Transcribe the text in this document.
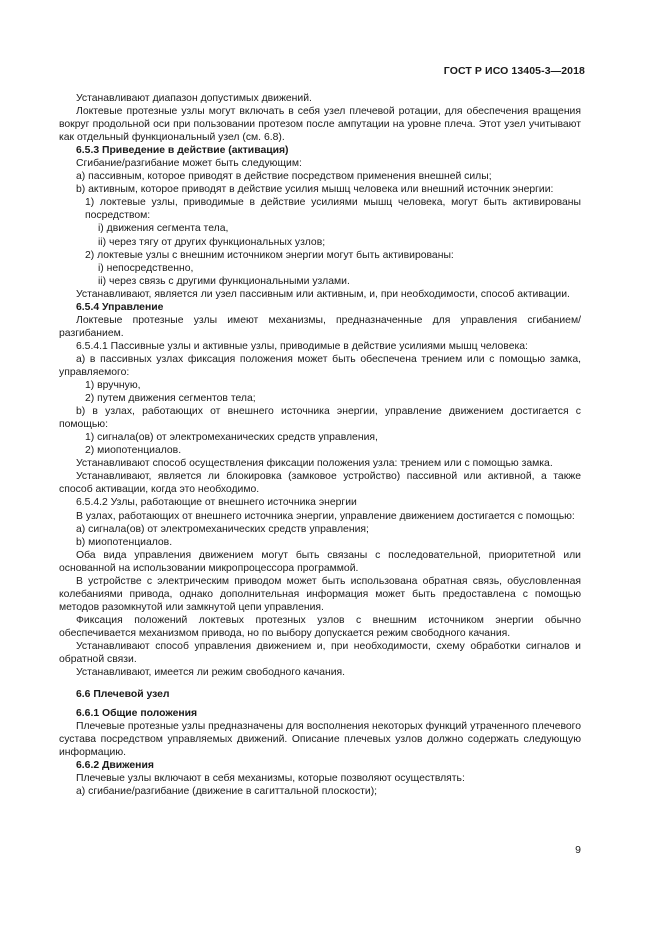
ГОСТ Р ИСО 13405-3—2018

Устанавливают диапазон допустимых движений.

Локтевые протезные узлы могут включать в себя узел плечевой ротации, для обеспечения вращения вокруг продольной оси при пользовании протезом после ампутации на уровне плеча. Этот узел учитывают как отдельный функциональный узел (см. 6.8).

6.5.3 Приведение в действие (активация)

Сгибание/разгибание может быть следующим:

a) пассивным, которое приводят в действие посредством применения внешней силы;

b) активным, которое приводят в действие усилия мышц человека или внешний источник энергии:

1) локтевые узлы, приводимые в действие усилиями мышц человека, могут быть активированы посредством:

i) движения сегмента тела,

ii) через тягу от других функциональных узлов;

2) локтевые узлы с внешним источником энергии могут быть активированы:

i) непосредственно,

ii) через связь с другими функциональными узлами.

Устанавливают, является ли узел пассивным или активным, и, при необходимости, способ активации.

6.5.4 Управление

Локтевые протезные узлы имеют механизмы, предназначенные для управления сгибанием/разгибанием.

6.5.4.1 Пассивные узлы и активные узлы, приводимые в действие усилиями мышц человека:

a) в пассивных узлах фиксация положения может быть обеспечена трением или с помощью замка, управляемого:

1) вручную,

2) путем движения сегментов тела;

b) в узлах, работающих от внешнего источника энергии, управление движением достигается с помощью:

1) сигнала(ов) от электромеханических средств управления,

2) миопотенциалов.

Устанавливают способ осуществления фиксации положения узла: трением или с помощью замка.

Устанавливают, является ли блокировка (замковое устройство) пассивной или активной, а также способ активации, когда это необходимо.

6.5.4.2 Узлы, работающие от внешнего источника энергии

В узлах, работающих от внешнего источника энергии, управление движением достигается с помощью:

a) сигнала(ов) от электромеханических средств управления;

b) миопотенциалов.

Оба вида управления движением могут быть связаны с последовательной, приоритетной или основанной на использовании микропроцессора программой.

В устройстве с электрическим приводом может быть использована обратная связь, обусловленная колебаниями привода, однако дополнительная информация может быть предоставлена с помощью методов разомкнутой или замкнутой цепи управления.

Фиксация положений локтевых протезных узлов с внешним источником энергии обычно обеспечивается механизмом привода, но по выбору допускается режим свободного качания.

Устанавливают способ управления движением и, при необходимости, схему обработки сигналов и обратной связи.

Устанавливают, имеется ли режим свободного качания.

6.6 Плечевой узел

6.6.1 Общие положения

Плечевые протезные узлы предназначены для восполнения некоторых функций утраченного плечевого сустава посредством управляемых движений. Описание плечевых узлов должно содержать следующую информацию.

6.6.2 Движения

Плечевые узлы включают в себя механизмы, которые позволяют осуществлять:

a) сгибание/разгибание (движение в сагиттальной плоскости);

9
